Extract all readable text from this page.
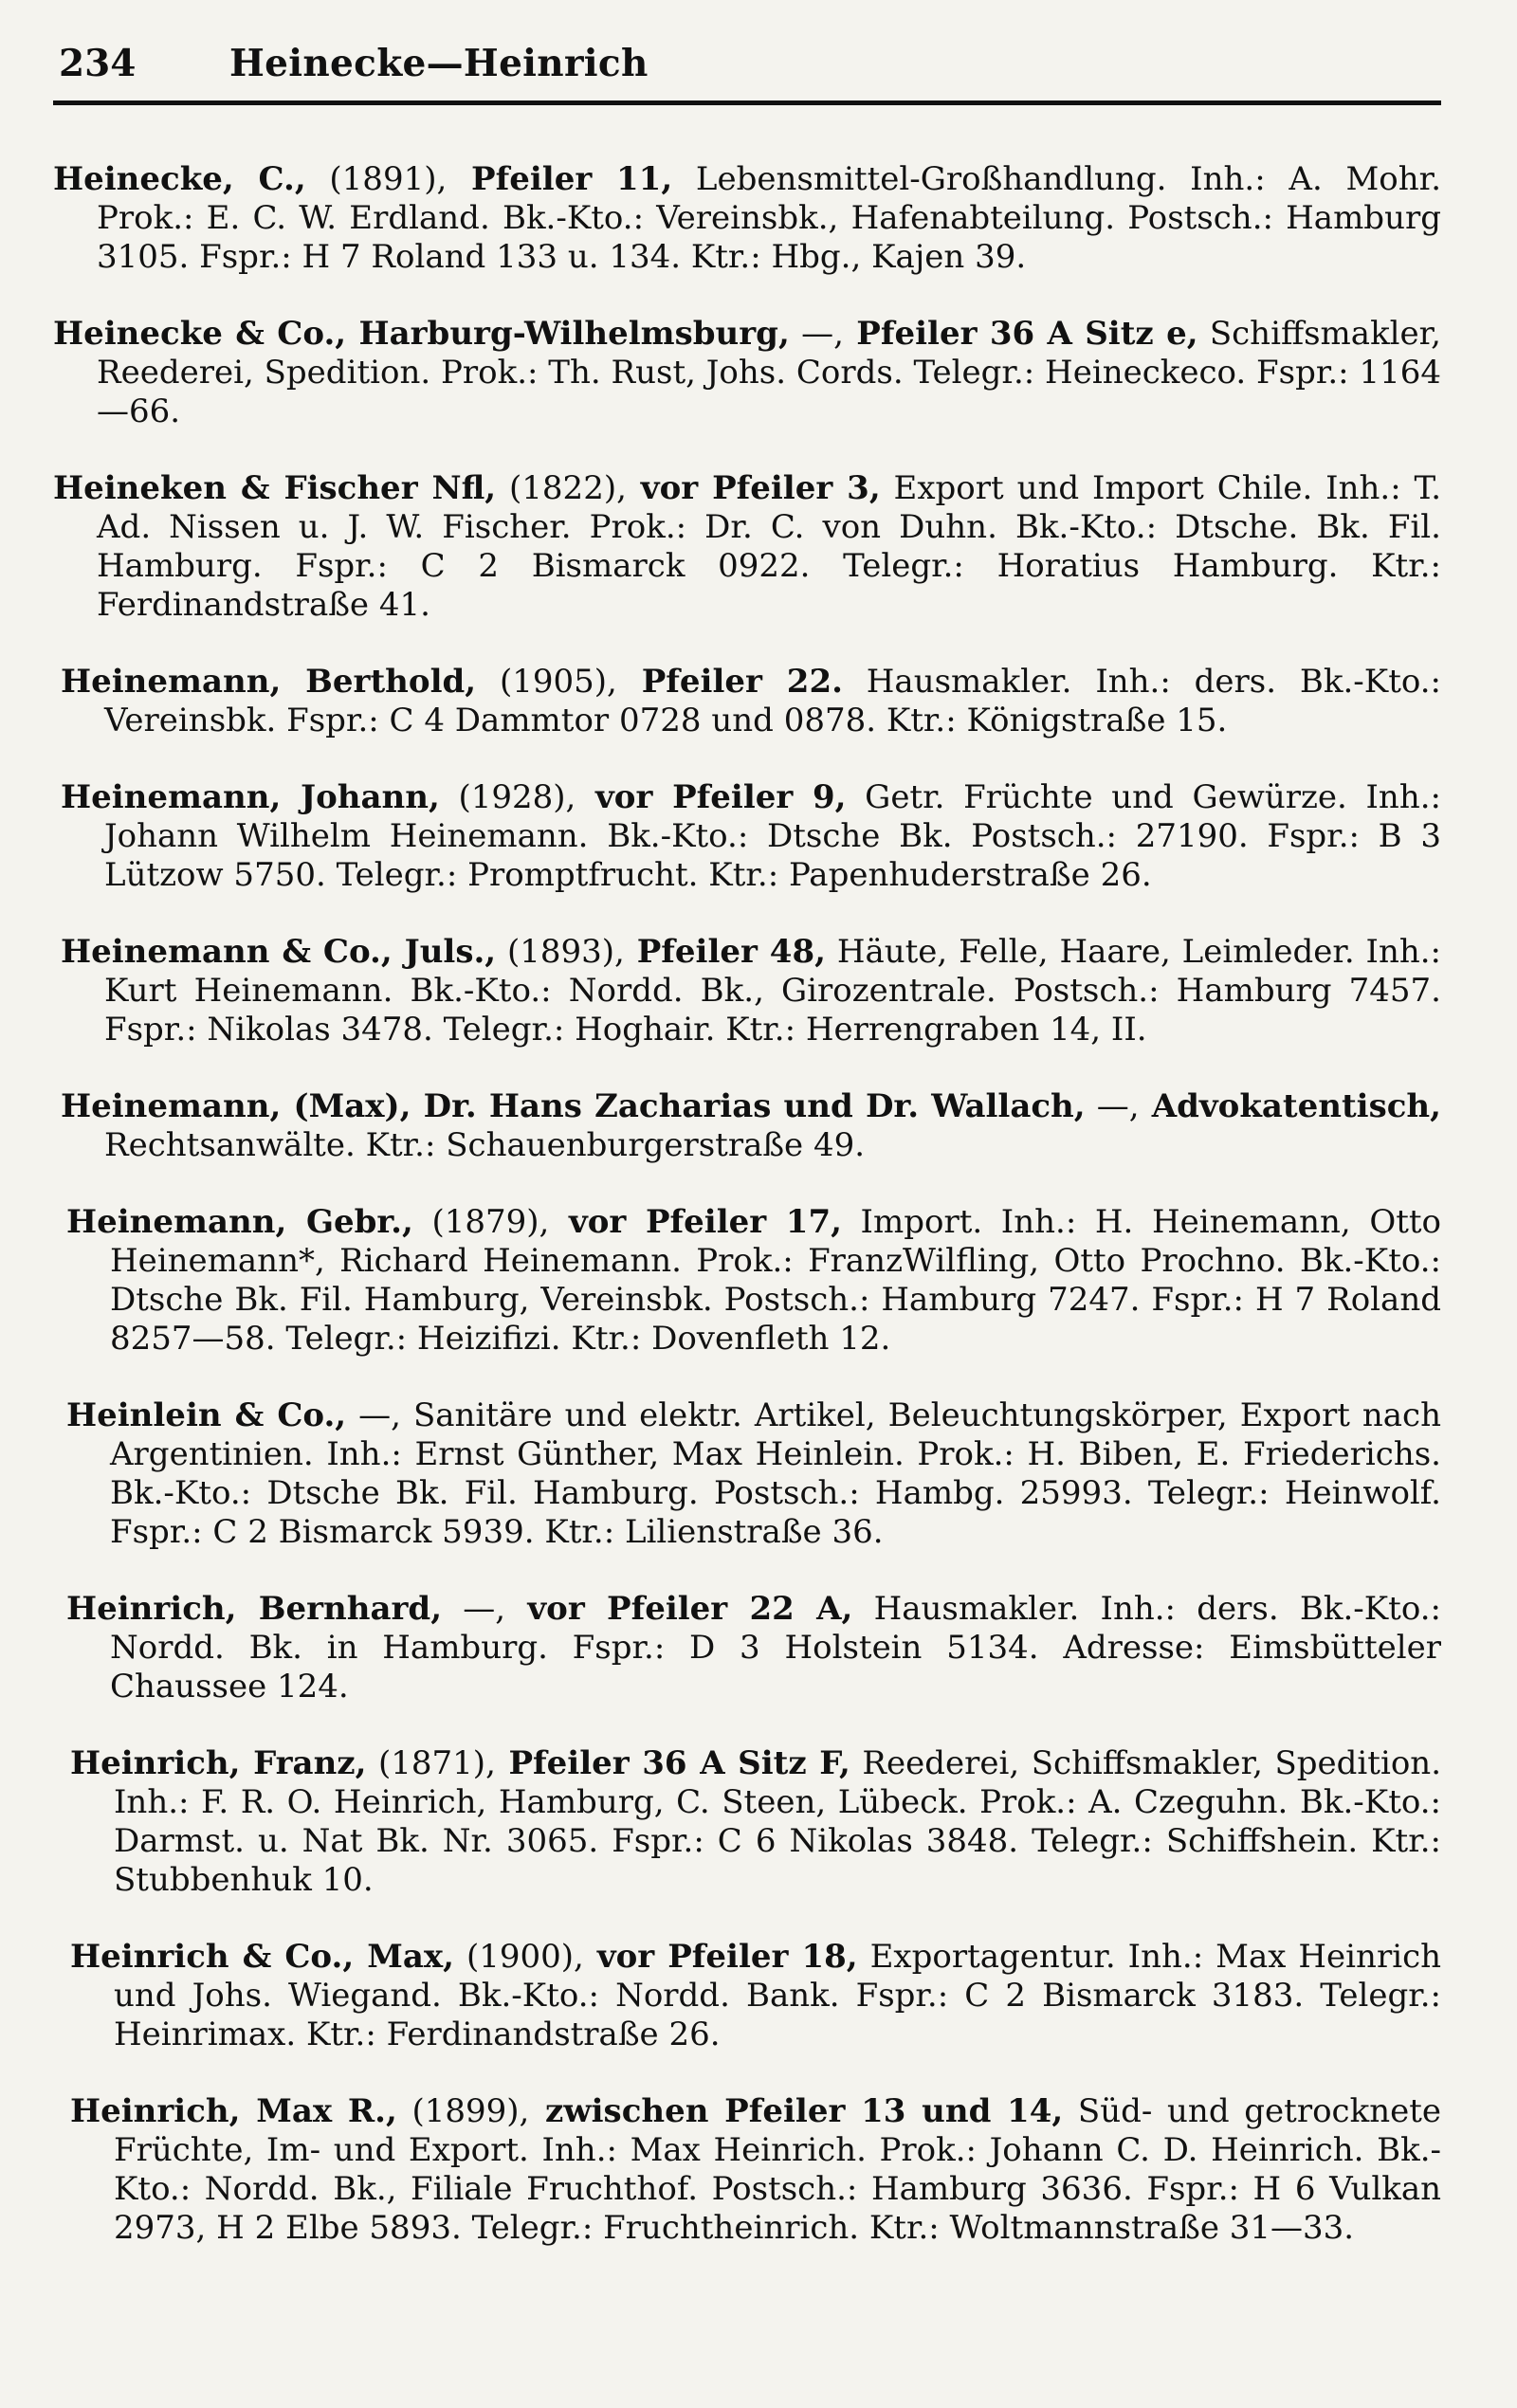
234	Heinecke—Heinrich

Heinecke, C., (1891), Pfeiler 11, Lebensmittel-Großhandlung. Inh.: A. Mohr. Prok.: E. C. W. Erdland. Bk.-Kto.: Vereinsbk., Hafenabteilung. Postsch.: Hamburg 3105. Fspr.: H 7 Roland 133 u. 134. Ktr.: Hbg., Kajen 39.

Heinecke & Co., Harburg-Wilhelmsburg, —, Pfeiler 36 A Sitz e, Schiffsmakler, Reederei, Spedition. Prok.: Th. Rust, Johs. Cords. Telegr.: Heineckeco. Fspr.: 1164—66.

Heineken & Fischer Nfl, (1822), vor Pfeiler 3, Export und Import Chile. Inh.: T. Ad. Nissen u. J. W. Fischer. Prok.: Dr. C. von Duhn. Bk.-Kto.: Dtsche. Bk. Fil. Hamburg. Fspr.: C 2 Bismarck 0922. Telegr.: Horatius Hamburg. Ktr.: Ferdinandstraße 41.

Heinemann, Berthold, (1905), Pfeiler 22. Hausmakler. Inh.: ders. Bk.-Kto.: Vereinsbk. Fspr.: C 4 Dammtor 0728 und 0878. Ktr.: Königstraße 15.

Heinemann, Johann, (1928), vor Pfeiler 9, Getr. Früchte und Gewürze. Inh.: Johann Wilhelm Heinemann. Bk.-Kto.: Dtsche Bk. Postsch.: 27190. Fspr.: B 3 Lützow 5750. Telegr.: Promptfrucht. Ktr.: Papenhuderstraße 26.

Heinemann & Co., Juls., (1893), Pfeiler 48, Häute, Felle, Haare, Leimleder. Inh.: Kurt Heinemann. Bk.-Kto.: Nordd. Bk., Girozentrale. Postsch.: Hamburg 7457. Fspr.: Nikolas 3478. Telegr.: Hoghair. Ktr.: Herrengraben 14, II.

Heinemann, (Max), Dr. Hans Zacharias und Dr. Wallach, —, Advokatentisch, Rechtsanwälte. Ktr.: Schauenburgerstraße 49.

Heinemann, Gebr., (1879), vor Pfeiler 17, Import. Inh.: H. Heinemann, Otto Heinemann*, Richard Heinemann. Prok.: FranzWilfling, Otto Prochno. Bk.-Kto.: Dtsche Bk. Fil. Hamburg, Vereinsbk. Postsch.: Hamburg 7247. Fspr.: H 7 Roland 8257—58. Telegr.: Heizifizi. Ktr.: Dovenfleth 12.

Heinlein & Co., —, Sanitäre und elektr. Artikel, Beleuchtungskörper, Export nach Argentinien. Inh.: Ernst Günther, Max Heinlein. Prok.: H. Biben, E. Friederichs. Bk.-Kto.: Dtsche Bk. Fil. Hamburg. Postsch.: Hambg. 25993. Telegr.: Heinwolf. Fspr.: C 2 Bismarck 5939. Ktr.: Lilienstraße 36.

Heinrich, Bernhard, —, vor Pfeiler 22 A, Hausmakler. Inh.: ders. Bk.-Kto.: Nordd. Bk. in Hamburg. Fspr.: D 3 Holstein 5134. Adresse: Eimsbütteler Chaussee 124.

Heinrich, Franz, (1871), Pfeiler 36 A Sitz F, Reederei, Schiffsmakler, Spedition. Inh.: F. R. O. Heinrich, Hamburg, C. Steen, Lübeck. Prok.: A. Czeguhn. Bk.-Kto.: Darmst. u. Nat Bk. Nr. 3065. Fspr.: C 6 Nikolas 3848. Telegr.: Schiffshein. Ktr.: Stubbenhuk 10.

Heinrich & Co., Max, (1900), vor Pfeiler 18, Exportagentur. Inh.: Max Heinrich und Johs. Wiegand. Bk.-Kto.: Nordd. Bank. Fspr.: C 2 Bismarck 3183. Telegr.: Heinrimax. Ktr.: Ferdinandstraße 26.

Heinrich, Max R., (1899), zwischen Pfeiler 13 und 14, Süd- und getrocknete Früchte, Im- und Export. Inh.: Max Heinrich. Prok.: Johann C. D. Heinrich. Bk.-Kto.: Nordd. Bk., Filiale Fruchthof. Postsch.: Hamburg 3636. Fspr.: H 6 Vulkan 2973, H 2 Elbe 5893. Telegr.: Fruchtheinrich. Ktr.: Woltmannstraße 31—33.
